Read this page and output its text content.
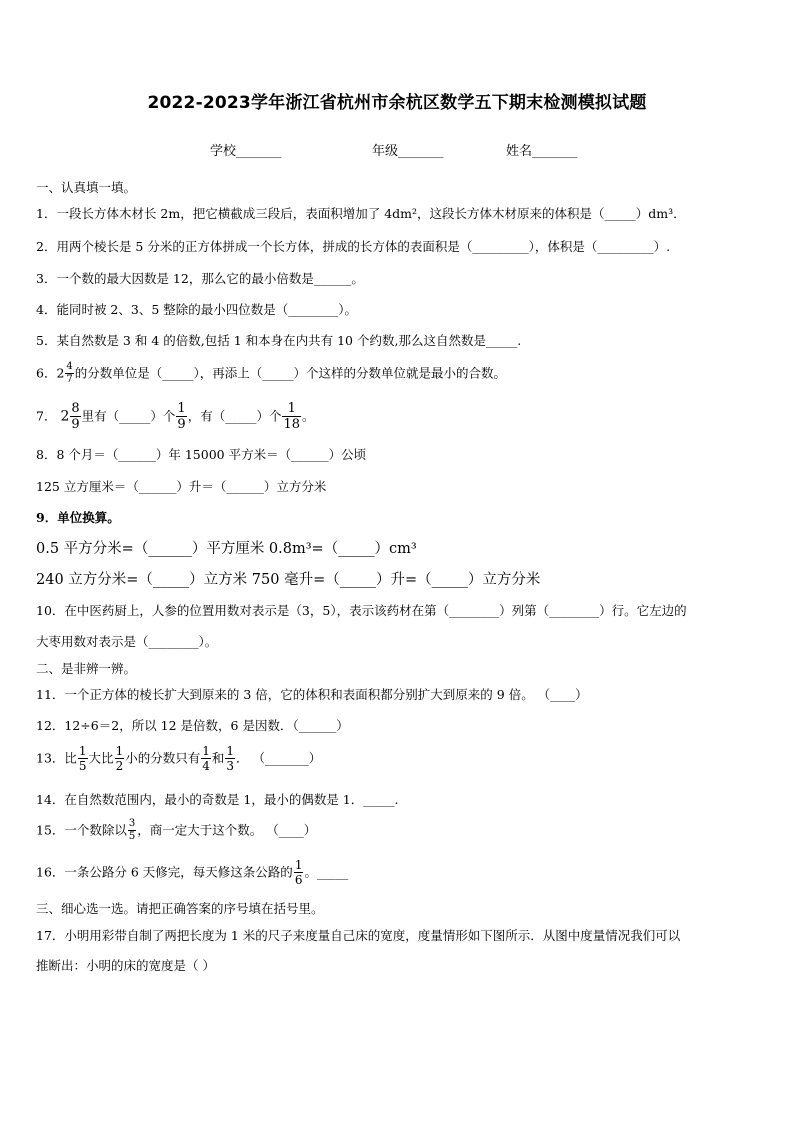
2022-2023学年浙江省杭州市余杭区数学五下期末检测模拟试题
学校_______	年级_______	姓名_______
一、认真填一填。
1．一段长方体木材长 2m，把它横截成三段后，表面积增加了 4dm²，这段长方体木材原来的体积是（_____）dm³．
2．用两个棱长是 5 分米的正方体拼成一个长方体，拼成的长方体的表面积是（_________），体积是（_________）.
3．一个数的最大因数是 12，那么它的最小倍数是______。
4．能同时被 2、3、5 整除的最小四位数是（________）。
5．某自然数是 3 和 4 的倍数,包括 1 和本身在内共有 10 个约数,那么这自然数是_____.
6．$2 \frac{4}{7}$ 的分数单位是（_____），再添上（_____）个这样的分数单位就是最小的合数。
7． $2 \frac{8}{9}$ 里有（_____）个 $\frac{1}{9}$ ，有（_____）个 $\frac{1}{18}$ 。
8．8 个月＝（______）年 15000 平方米＝（______）公顷
125 立方厘米＝（______）升＝（______）立方分米
9．单位换算。
0.5 平方分米=（______）平方厘米 0.8m³=（_____）cm³
240 立方分米=（_____）立方米 750 毫升=（_____）升=（_____）立方分米
10．在中医药厨上，人参的位置用数对表示是（3，5），表示该药材在第（________）列第（________）行。它左边的
大枣用数对表示是（________）。
二、是非辨一辨。
11．一个正方体的棱长扩大到原来的 3 倍，它的体积和表面积都分别扩大到原来的 9 倍。 （____）
12．12÷6＝2，所以 12 是倍数，6 是因数．（______）
13．比 $\frac{1}{5}$ 大比 $\frac{1}{2}$ 小的分数只有 $\frac{1}{4}$ 和 $\frac{1}{3}$ ． （_______）
14．在自然数范围内，最小的奇数是 1，最小的偶数是 1．_____.
15．一个数除以 $\frac{3}{5}$ ，商一定大于这个数。 （____）
16．一条公路分 6 天修完，每天修这条公路的 $\frac{1}{6}$ 。_____
三、细心选一选。请把正确答案的序号填在括号里。
17．小明用彩带自制了两把长度为 1 米的尺子来度量自己床的宽度，度量情形如下图所示．从图中度量情况我们可以
推断出：小明的床的宽度是（ ）
